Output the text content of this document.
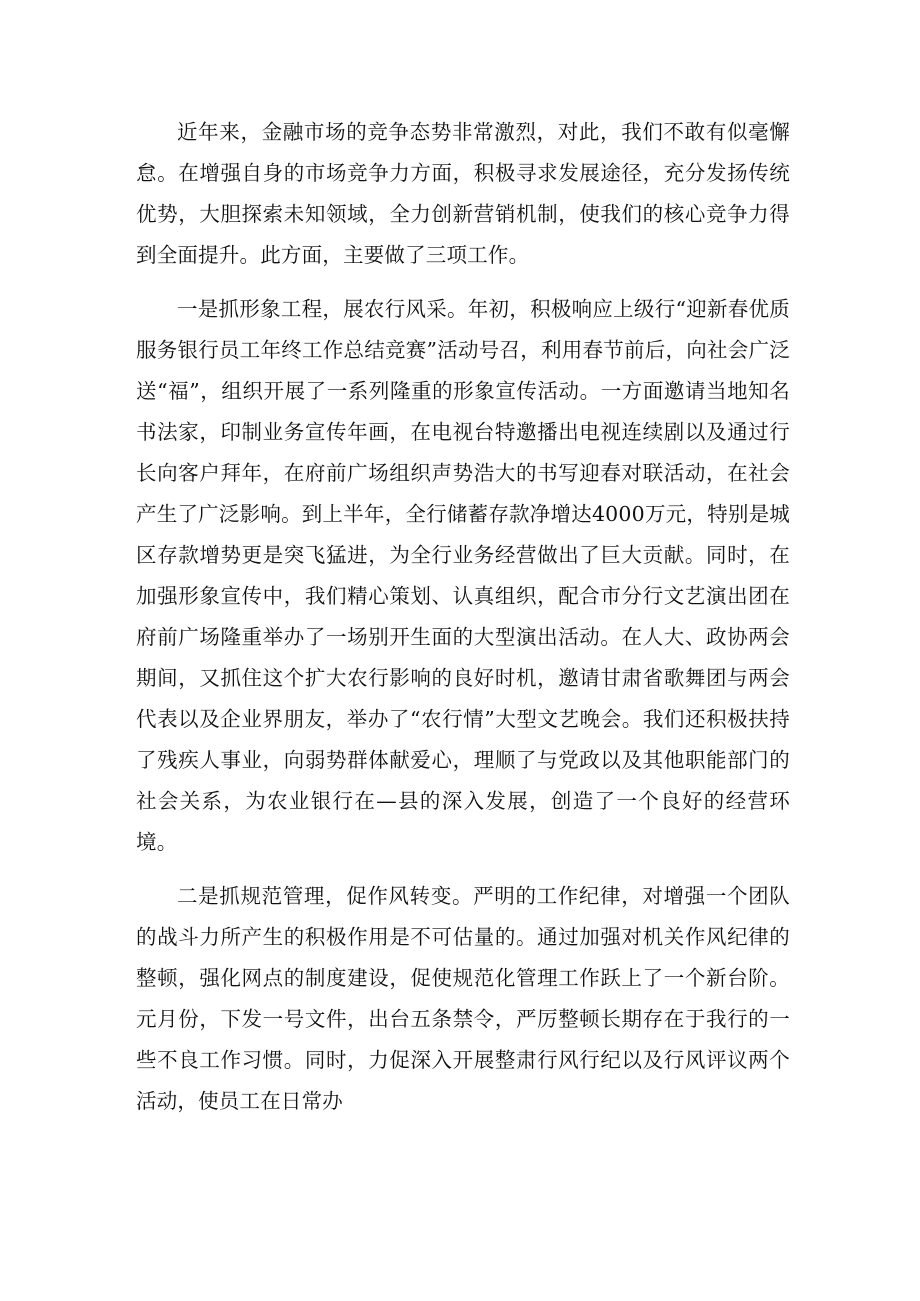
近年来，金融市场的竞争态势非常激烈，对此，我们不敢有似毫懈怠。在增强自身的市场竞争力方面，积极寻求发展途径，充分发扬传统优势，大胆探索未知领域，全力创新营销机制，使我们的核心竞争力得到全面提升。此方面，主要做了三项工作。

一是抓形象工程，展农行风采。年初，积极响应上级行“迎新春优质服务银行员工年终工作总结竞赛”活动号召，利用春节前后，向社会广泛送“福”，组织开展了一系列隆重的形象宣传活动。一方面邀请当地知名书法家，印制业务宣传年画，在电视台特邀播出电视连续剧以及通过行长向客户拜年，在府前广场组织声势浩大的书写迎春对联活动，在社会产生了广泛影响。到上半年，全行储蓄存款净增达4000万元，特别是城区存款增势更是突飞猛进，为全行业务经营做出了巨大贡献。同时，在加强形象宣传中，我们精心策划、认真组织，配合市分行文艺演出团在府前广场隆重举办了一场别开生面的大型演出活动。在人大、政协两会期间，又抓住这个扩大农行影响的良好时机，邀请甘肃省歌舞团与两会代表以及企业界朋友，举办了“农行情”大型文艺晚会。我们还积极扶持了残疾人事业，向弱势群体献爱心，理顺了与党政以及其他职能部门的社会关系，为农业银行在—县的深入发展，创造了一个良好的经营环境。

二是抓规范管理，促作风转变。严明的工作纪律，对增强一个团队的战斗力所产生的积极作用是不可估量的。通过加强对机关作风纪律的整顿，强化网点的制度建设，促使规范化管理工作跃上了一个新台阶。元月份，下发一号文件，出台五条禁令，严厉整顿长期存在于我行的一些不良工作习惯。同时，力促深入开展整肃行风行纪以及行风评议两个活动，使员工在日常办
